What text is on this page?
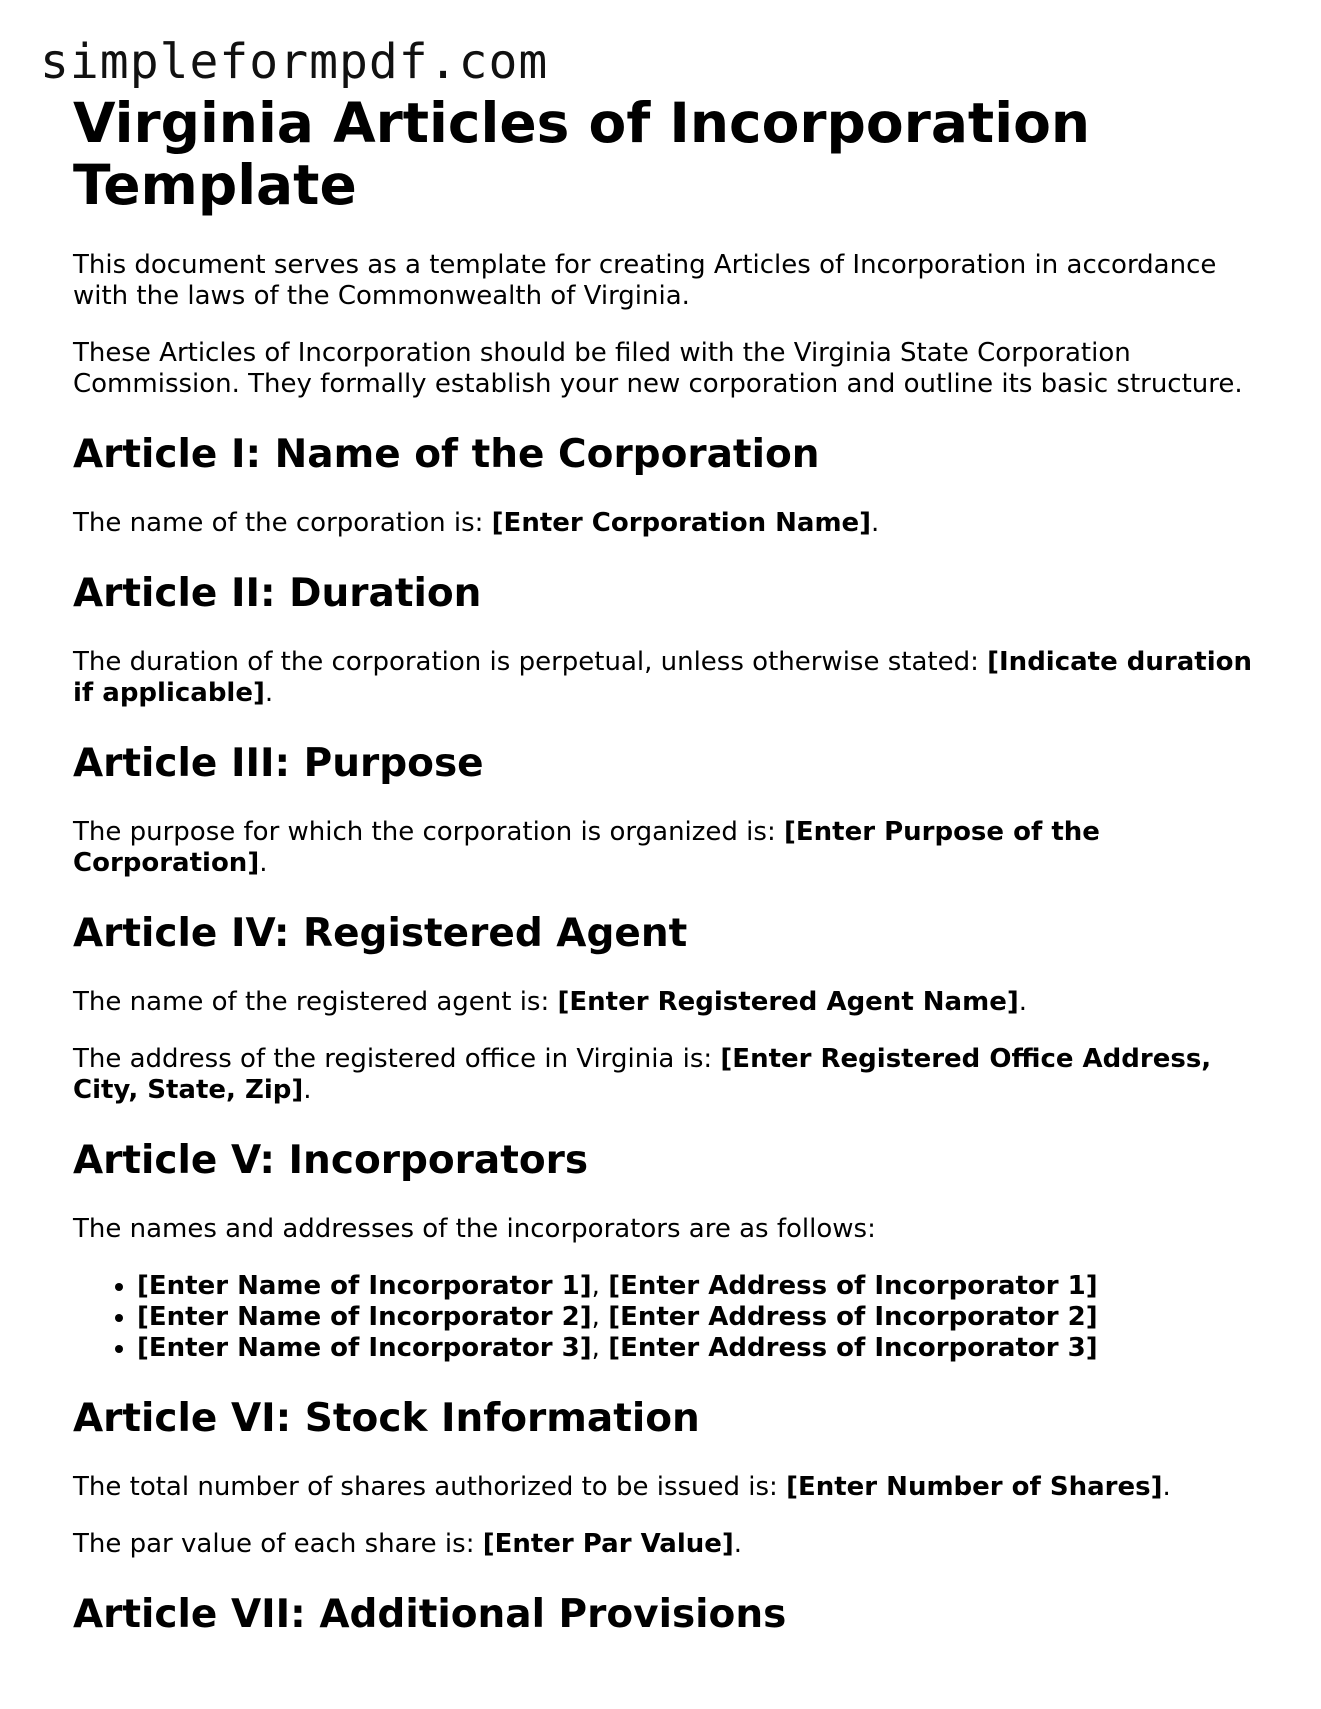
simpleformpdf.com
Virginia Articles of Incorporation Template

This document serves as a template for creating Articles of Incorporation in accordance with the laws of the Commonwealth of Virginia.

These Articles of Incorporation should be filed with the Virginia State Corporation Commission. They formally establish your new corporation and outline its basic structure.

Article I: Name of the Corporation

The name of the corporation is: [Enter Corporation Name].

Article II: Duration

The duration of the corporation is perpetual, unless otherwise stated: [Indicate duration if applicable].

Article III: Purpose

The purpose for which the corporation is organized is: [Enter Purpose of the Corporation].

Article IV: Registered Agent

The name of the registered agent is: [Enter Registered Agent Name].

The address of the registered office in Virginia is: [Enter Registered Office Address, City, State, Zip].

Article V: Incorporators

The names and addresses of the incorporators are as follows:

• [Enter Name of Incorporator 1], [Enter Address of Incorporator 1]
• [Enter Name of Incorporator 2], [Enter Address of Incorporator 2]
• [Enter Name of Incorporator 3], [Enter Address of Incorporator 3]
Article VI: Stock Information

The total number of shares authorized to be issued is: [Enter Number of Shares].

The par value of each share is: [Enter Par Value].

Article VII: Additional Provisions
